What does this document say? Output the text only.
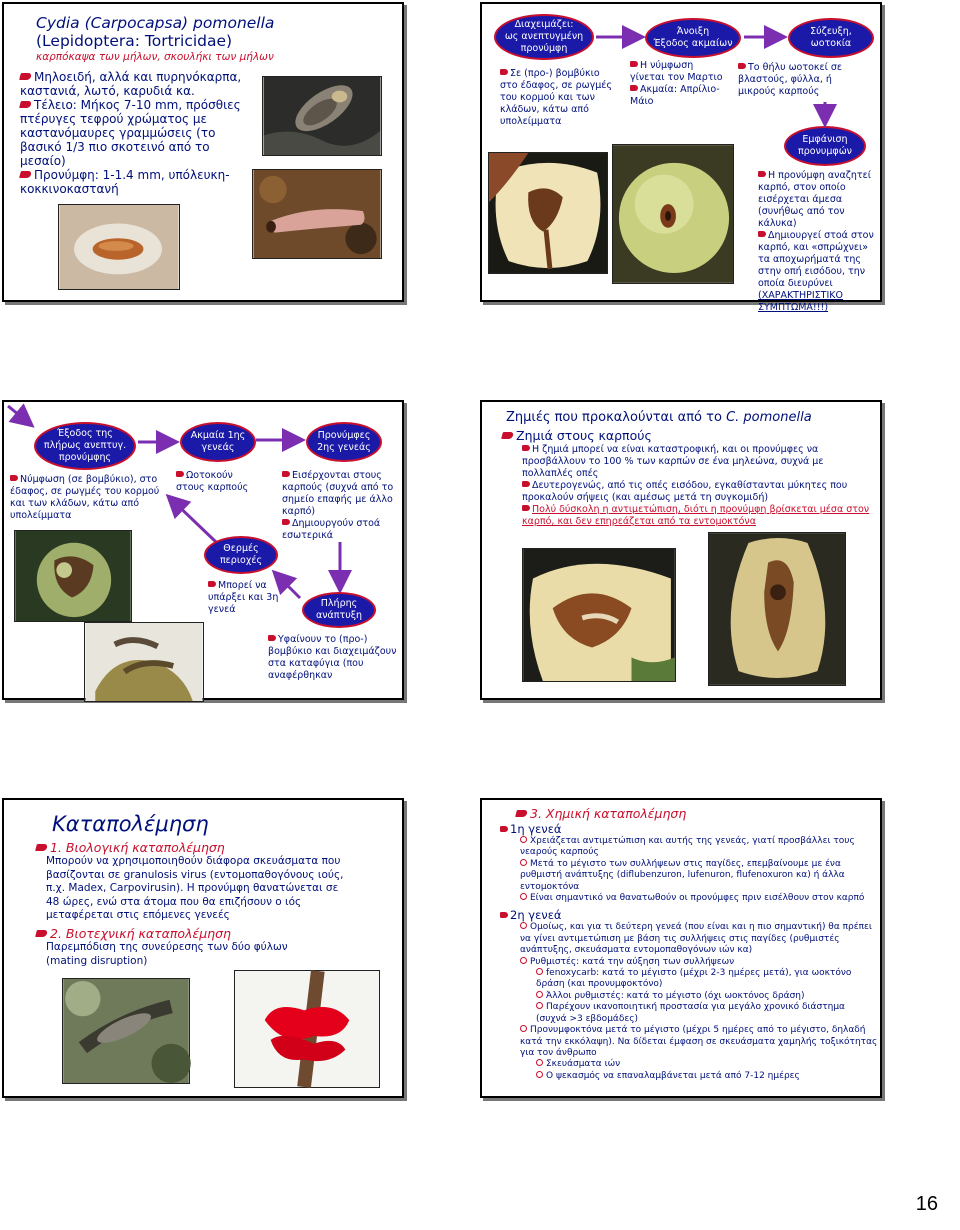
Cydia (Carpocapsa) pomonella (Lepidoptera: Tortricidae)
καρπόκαψα των μήλων, σκουλήκι των μήλων

Μηλοειδή, αλλά και πυρηνόκαρπα, καστανιά, λωτό, καρυδιά κα.

Τέλειο: Μήκος 7-10 mm, πρόσθιες πτέρυγες τεφρού χρώματος με καστανόμαυρες γραμμώσεις (το βασικό 1/3 πιο σκοτεινό από το μεσαίο)

Προνύμφη: 1-1.4 mm, υπόλευκη-κοκκινοκαστανή

Διαχειμάζει:
ως ανεπτυγμένη
προνύμφη
Άνοιξη
Έξοδος ακμαίων
Σύζευξη,
ωοτοκία
Εμφάνιση
προνυμφών
Σε (προ-) βομβύκιο στο έδαφος, σε ρωγμές του κορμού και των κλάδων, κάτω από υπολείμματα

Η νύμφωση γίνεται τον Μαρτιο

Ακμαία: Απρίλιο-Μάιο

Το θήλυ ωοτοκεί σε βλαστούς, φύλλα, ή μικρούς καρπούς

Η προνύμφη αναζητεί καρπό, στον οποίο εισέρχεται άμεσα (συνήθως από τον κάλυκα)

Δημιουργεί στοά στον καρπό, και «σπρώχνει» τα αποχωρήματά της στην οπή εισόδου, την οποία διευρύνει

(ΧΑΡΑΚΤΗΡΙΣΤΙΚΟ ΣΥΜΠΤΩΜΑ!!!)

Έξοδος της
πλήρως ανεπτυγ.
προνύμφης
Ακμαία 1ης
γενεάς
Προνύμφες
2ης γενεάς
Θερμές
περιοχές
Πλήρης
ανάπτυξη
Νύμφωση (σε βομβύκιο), στο έδαφος, σε ρωγμές του κορμού και των κλάδων, κάτω από υπολείμματα
Ωοτοκούν στους καρπούς

Εισέρχονται στους καρπούς (συχνά από το σημείο επαφής με άλλο καρπό)

Δημιουργούν στοά εσωτερικά

Μπορεί να υπάρξει και 3η γενεά
Υφαίνουν το (προ-) βομβύκιο και διαχειμάζουν στα καταφύγια (που αναφέρθηκαν
Ζημιές που προκαλούνται από το C. pomonella
Ζημιά στους καρπούς

Η ζημιά μπορεί να είναι καταστροφική, και οι προνύμφες να προσβάλλουν το 100 % των καρπών σε ένα μηλεώνα, συχνά με πολλαπλές οπές

Δευτερογενώς, από τις οπές εισόδου, εγκαθίστανται μύκητες που προκαλούν σήψεις (και αμέσως μετά τη συγκομιδή)

Πολύ δύσκολη η αντιμετώπιση, διότι η προνύμφη βρίσκεται μέσα στον καρπό, και δεν επηρεάζεται από τα εντομοκτόνα

Καταπολέμηση
1. Βιολογική καταπολέμηση
Μπορούν να χρησιμοποιηθούν διάφορα σκευάσματα που βασίζονται σε granulosis virus (εντομοπαθογόνους ιούς, π.χ. Madex, Carpovirusin). Η προνύμφη θανατώνεται σε 48 ώρες, ενώ στα άτομα που θα επιζήσουν ο ιός μεταφέρεται στις επόμενες γενεές
2. Βιοτεχνική καταπολέμηση
Παρεμπόδιση της συνεύρεσης των δύο φύλων (mating disruption)
3. Χημική καταπολέμηση

1η γενεά

Χρειάζεται αντιμετώπιση και αυτής της γενεάς, γιατί προσβάλλει τους νεαρούς καρπούς

Μετά το μέγιστο των συλλήψεων στις παγίδες, επεμβαίνουμε με ένα ρυθμιστή ανάπτυξης (diflubenzuron, lufenuron, flufenoxuron κα) ή άλλα εντομοκτόνα

Είναι σημαντικό να θανατωθούν οι προνύμφες πριν εισέλθουν στον καρπό

2η γενεά

Ομοίως, και για τι δεύτερη γενεά (που είναι και η πιο σημαντική) θα πρέπει να γίνει αντιμετώπιση με βάση τις συλλήψεις στις παγίδες (ρυθμιστές ανάπτυξης, σκευάσματα εντομοπαθογόνων ιών κα)

Ρυθμιστές: κατά την αύξηση των συλλήψεων

fenoxycarb: κατά το μέγιστο (μέχρι 2-3 ημέρες μετά), για ωοκτόνο δράση (και προνυμφοκτόνο)

Άλλοι ρυθμιστές: κατά το μέγιστο (όχι ωοκτόνος δράση)

Παρέχουν ικανοποιητική προστασία για μεγάλο χρονικό διάστημα (συχνά >3 εβδομάδες)

Προνυμφοκτόνα μετά το μέγιστο (μέχρι 5 ημέρες από το μέγιστο, δηλαδή κατά την εκκόλαψη). Να δίδεται έμφαση σε σκευάσματα χαμηλής τοξικότητας για τον άνθρωπο

Σκευάσματα ιών

Ο ψεκασμός να επαναλαμβάνεται μετά από 7-12 ημέρες

16
